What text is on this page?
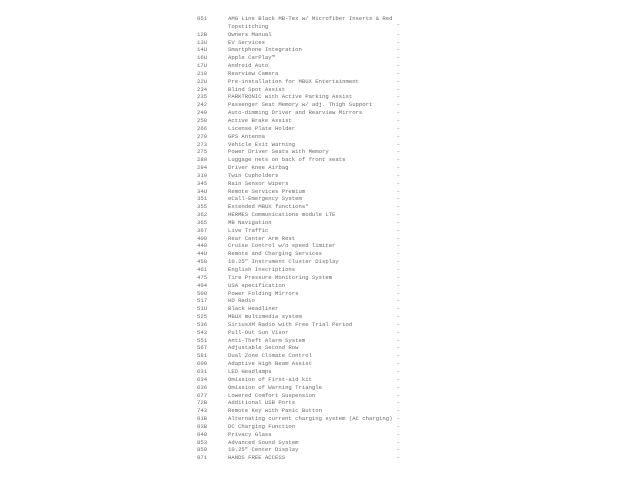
851	AMG Line Black MB-Tex w/ Microfiber Inserts & Red Topstitching	–
12B	Owners Manual	–
13U	EV Services	–
14U	Smartphone Integration	–
16U	Apple CarPlay™	–
17U	Android Auto	–
218	Rearview Camera	–
22U	Pre-installation for MBUX Entertainment	–
234	Blind Spot Assist	–
235	PARKTRONIC with Active Parking Assist	–
242	Passenger Seat Memory w/ adj. Thigh Support	–
249	Auto-dimming Driver and Rearview Mirrors	–
258	Active Brake Assist	–
266	License Plate Holder	–
270	GPS Antenna	–
273	Vehicle Exit Warning	–
275	Power Driver Seats with Memory	–
288	Luggage nets on back of front seats	–
294	Driver Knee Airbag	–
310	Twin Cupholders	–
345	Rain Sensor Wipers	–
34U	Remote Services Premium	–
351	eCall-Emergency System	–
355	Extended MBUX functions*	–
362	HERMES Communications module LTE	–
365	MB Navigation	–
367	Live Traffic	–
400	Rear Center Arm Rest	–
440	Cruise Control w/o speed limiter	–
44U	Remote and Charging Services	–
458	10.25" Instrument Cluster Display	–
461	English Inscriptions	–
475	Tire Pressure Monitoring System	–
494	USA specification	–
500	Power Folding Mirrors	–
517	HD Radio	–
51U	Black Headliner	–
525	MBUX multimedia system	–
536	SiriusXM Radio with Free Trial Period	–
543	Pull-Out Sun Visor	–
551	Anti-Theft Alarm System	–
567	Adjustable Second Row	–
581	Dual Zone Climate Control	–
609	Adaptive High Beam Assist	–
631	LED Headlamps	–
634	Omission of First-aid kit	–
636	Omission of Warning Triangle	–
677	Lowered Comfort Suspension	–
72B	Additional USB Ports	–
743	Remote Key with Panic Button	–
81B	Alternating current charging system (AC charging) –
83B	DC Charging Function	–
840	Privacy Glass	–
853	Advanced Sound System	–
859	10.25" Center Display	–
871	HANDS FREE ACCESS	–
